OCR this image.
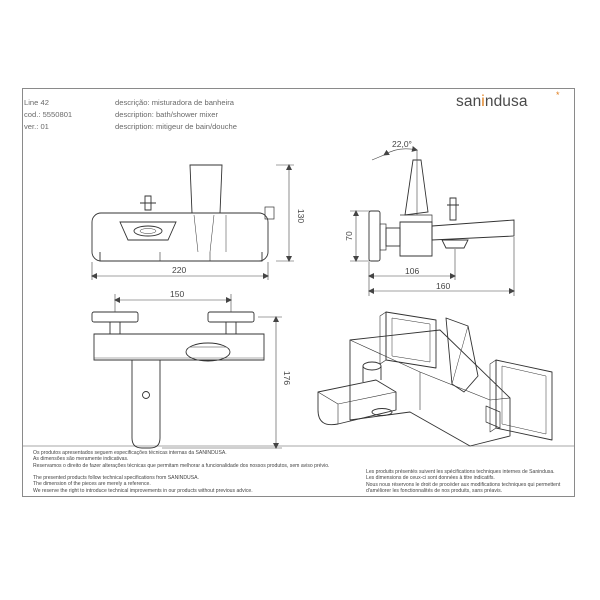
Line 42
cod.: 5550801
ver.: 01
descrição: misturadora de banheira
description: bath/shower mixer
description: mitigeur de bain/douche
sanindusa	*
220
130
22,0°
70
106
160
150
176
Os produtos apresentados seguem especificações técnicas internas da SANINDUSA.
As dimensões são meramente indicativas.
Reservamos o direito de fazer alterações técnicas que permitam melhorar a funcionalidade dos nossos produtos, sem aviso prévio.
The presented products follow technical specifications from SANINDUSA.
The dimension of the pieces are merely a reference.
We reserve the right to introduce technical improvements in our products without previous advice.
Les produits présentés suivent les spécifications techniques internes de Sanindusa.
Les dimensions de ceux-ci sont données à titre indicatifs.
Nous nous réservons le droit de procéder aux modifications techniques qui permettent
d'améliorer les fonctionnalités de nos produits, sans préavis.
